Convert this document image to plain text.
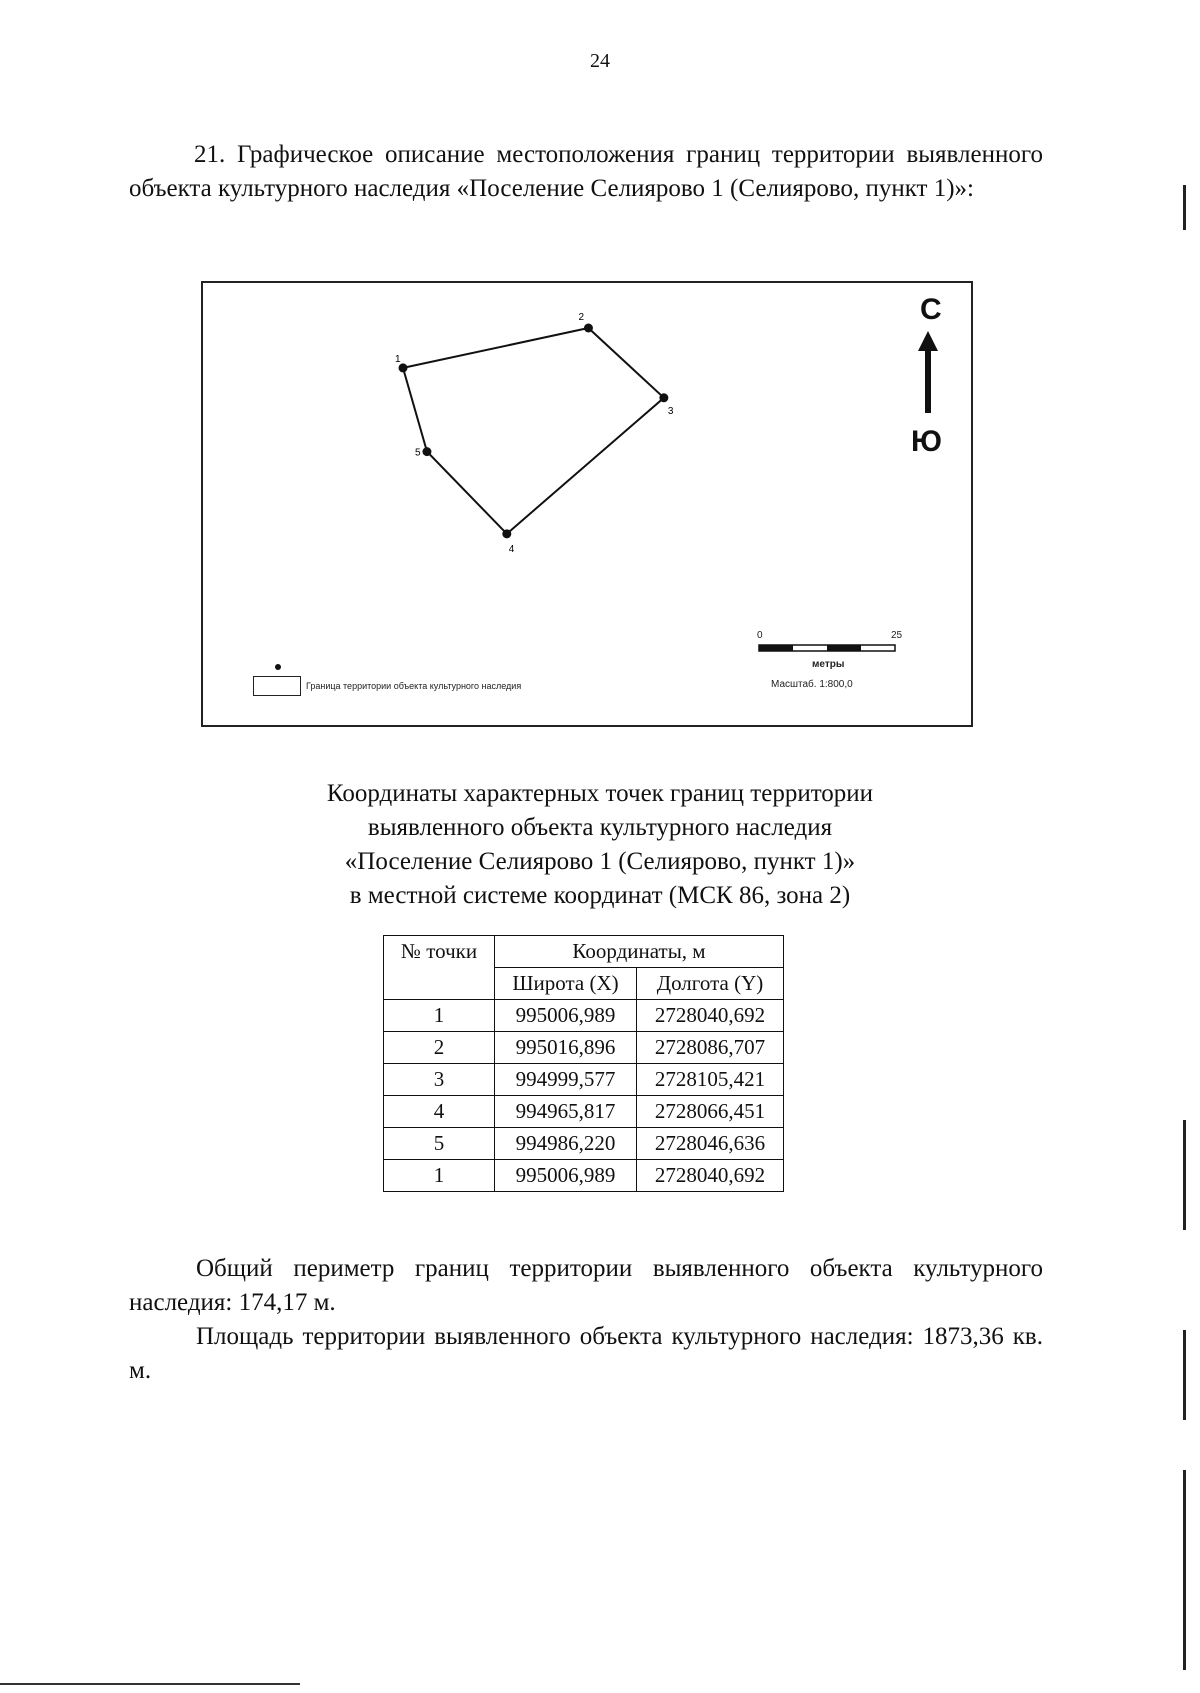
24

21. Графическое описание местоположения границ территории выявленного объекта культурного наследия «Поселение Селиярово 1 (Селиярово, пункт 1)»:

1
2
3
4
5
С
Ю
Граница территории объекта культурного наследия
0	25
метры
Масштаб. 1:800,0
Координаты характерных точек границ территории
выявленного объекта культурного наследия
«Поселение Селиярово 1 (Селиярово, пункт 1)»
в местной системе координат (МСК 86, зона 2)
№ точки	Координаты, м	
	Широта (X)	Долгота (Y)
1	995006,989	2728040,692
2	995016,896	2728086,707
3	994999,577	2728105,421
4	994965,817	2728066,451
5	994986,220	2728046,636
1	995006,989	2728040,692

Общий периметр границ территории выявленного объекта культурного наследия: 174,17 м.

Площадь территории выявленного объекта культурного наследия: 1873,36 кв. м.
